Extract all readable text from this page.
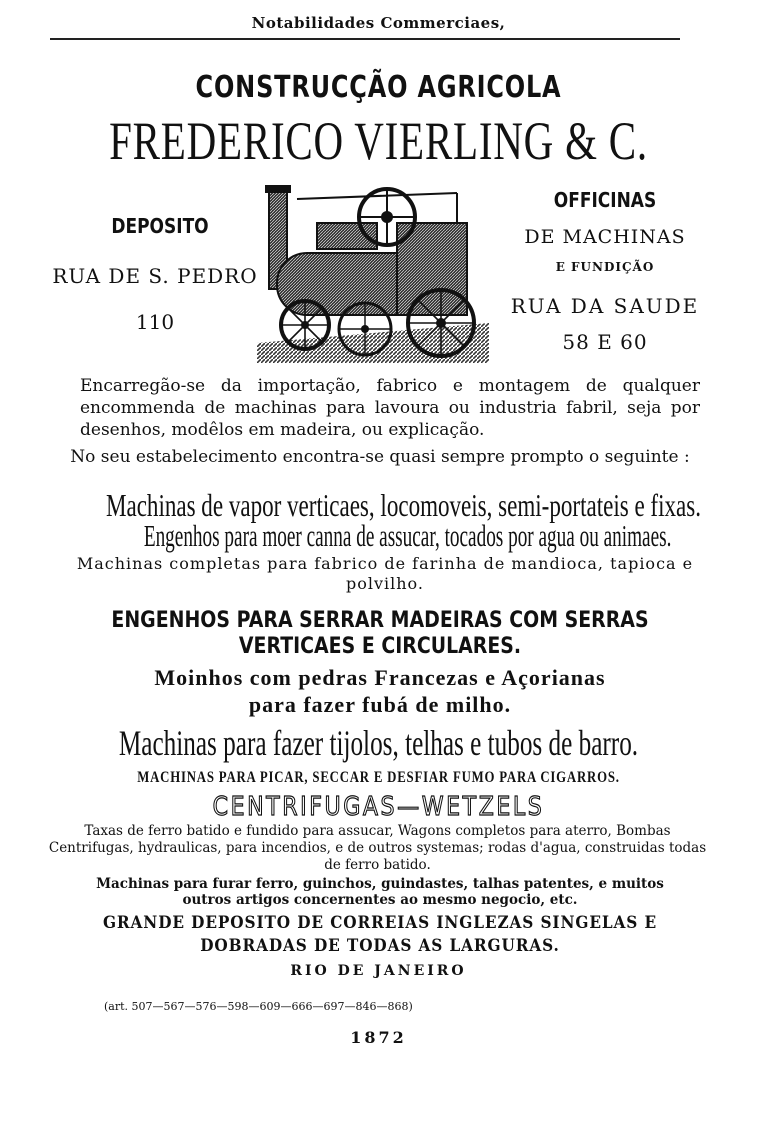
Notabilidades Commerciaes,
CONSTRUCÇÃO AGRICOLA
FREDERICO VIERLING & C.
DEPOSITO
RUA DE S. PEDRO
110
OFFICINAS
DE MACHINAS
E FUNDIÇÃO
RUA DA SAUDE
58 E 60
Encarregão-se da importação, fabrico e montagem de qualquer encommenda de machinas para lavoura ou industria fabril, seja por desenhos, modêlos em madeira, ou explicação.
No seu estabelecimento encontra-se quasi sempre prompto o seguinte :
Machinas de vapor verticaes, locomoveis, semi-portateis e fixas.
Engenhos para moer canna de assucar, tocados por agua ou animaes.
Machinas completas para fabrico de farinha de mandioca, tapioca e polvilho.
ENGENHOS PARA SERRAR MADEIRAS COM SERRAS VERTICAES E CIRCULARES.
Moinhos com pedras Francezas e Açorianas
para fazer fubá de milho.
Machinas para fazer tijolos, telhas e tubos de barro.
MACHINAS PARA PICAR, SECCAR E DESFIAR FUMO PARA CIGARROS.
CENTRIFUGAS—WETZELS
Taxas de ferro batido e fundido para assucar, Wagons completos para aterro, Bombas Centrifugas, hydraulicas, para incendios, e de outros systemas; rodas d'agua, construidas todas de ferro batido.
Machinas para furar ferro, guinchos, guindastes, talhas patentes, e muitos outros artigos concernentes ao mesmo negocio, etc.
GRANDE DEPOSITO DE CORREIAS INGLEZAS SINGELAS E DOBRADAS DE TODAS AS LARGURAS.
RIO DE JANEIRO
(art. 507—567—576—598—609—666—697—846—868)
1872
